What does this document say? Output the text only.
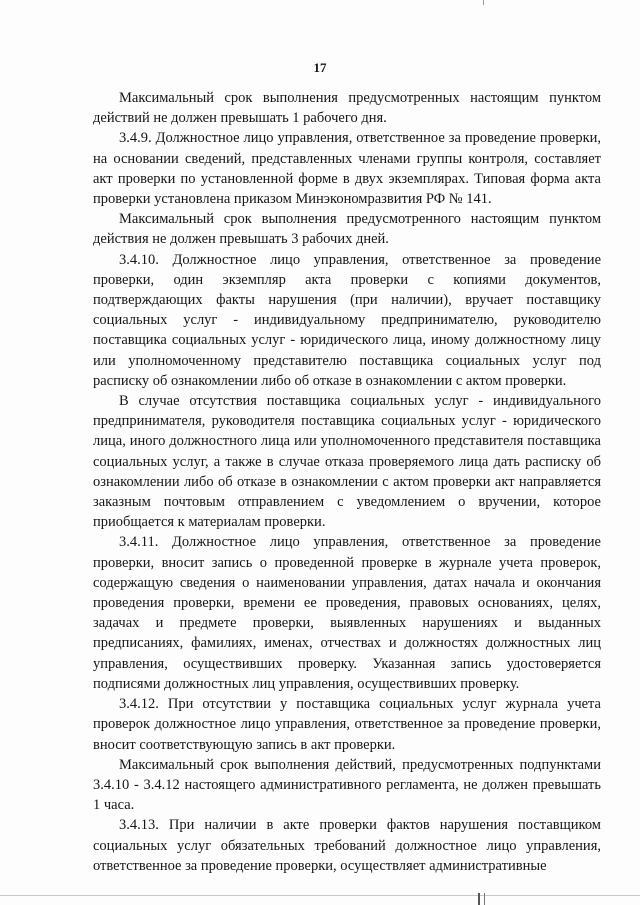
17

Максимальный срок выполнения предусмотренных настоящим пунктом действий не должен превышать 1 рабочего дня.

3.4.9. Должностное лицо управления, ответственное за проведение проверки, на основании сведений, представленных членами группы контроля, составляет акт проверки по установленной форме в двух экземплярах. Типовая форма акта проверки установлена приказом Минэкономразвития РФ № 141.

Максимальный срок выполнения предусмотренного настоящим пунктом действия не должен превышать 3 рабочих дней.

3.4.10. Должностное лицо управления, ответственное за проведение проверки, один экземпляр акта проверки с копиями документов, подтверждающих факты нарушения (при наличии), вручает поставщику социальных услуг - индивидуальному предпринимателю, руководителю поставщика социальных услуг - юридического лица, иному должностному лицу или уполномоченному представителю поставщика социальных услуг под расписку об ознакомлении либо об отказе в ознакомлении с актом проверки.

В случае отсутствия поставщика социальных услуг - индивидуального предпринимателя, руководителя поставщика социальных услуг - юридического лица, иного должностного лица или уполномоченного представителя поставщика социальных услуг, а также в случае отказа проверяемого лица дать расписку об ознакомлении либо об отказе в ознакомлении с актом проверки акт направляется заказным почтовым отправлением с уведомлением о вручении, которое приобщается к материалам проверки.

3.4.11. Должностное лицо управления, ответственное за проведение проверки, вносит запись о проведенной проверке в журнале учета проверок, содержащую сведения о наименовании управления, датах начала и окончания проведения проверки, времени ее проведения, правовых основаниях, целях, задачах и предмете проверки, выявленных нарушениях и выданных предписаниях, фамилиях, именах, отчествах и должностях должностных лиц управления, осуществивших проверку. Указанная запись удостоверяется подписями должностных лиц управления, осуществивших проверку.

3.4.12. При отсутствии у поставщика социальных услуг журнала учета проверок должностное лицо управления, ответственное за проведение проверки, вносит соответствующую запись в акт проверки.

Максимальный срок выполнения действий, предусмотренных подпунктами 3.4.10 - 3.4.12 настоящего административного регламента, не должен превышать 1 часа.

3.4.13. При наличии в акте проверки фактов нарушения поставщиком социальных услуг обязательных требований должностное лицо управления, ответственное за проведение проверки, осуществляет административные
